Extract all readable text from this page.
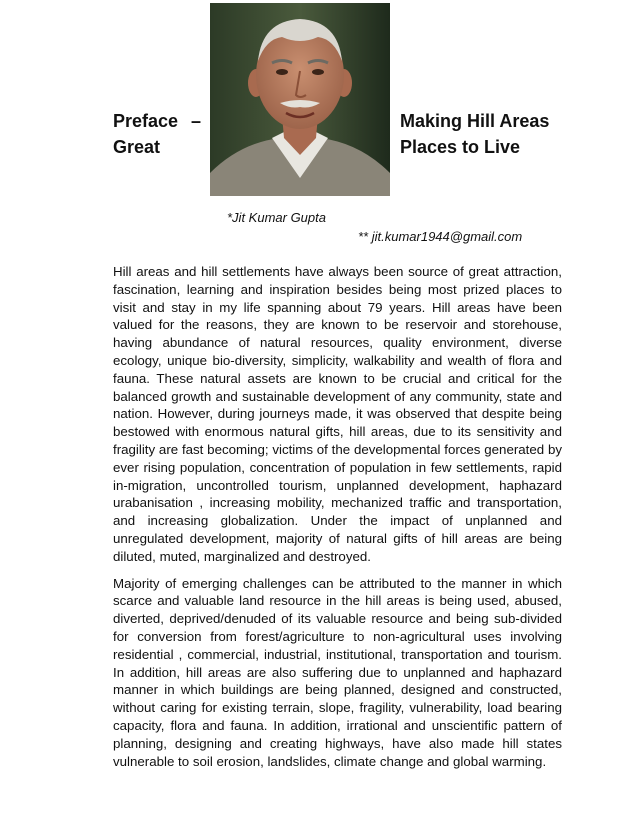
Preface –
Great
Making Hill Areas
Places to Live
*Jit Kumar Gupta
** jit.kumar1944@gmail.com

Hill areas and hill settlements have always been source of great attraction, fascination, learning and inspiration besides being most prized places to visit and stay in my life spanning about 79 years. Hill areas have been valued for the reasons, they are known to be reservoir and storehouse, having abundance of natural resources, quality environment, diverse ecology, unique bio-diversity, simplicity, walkability and wealth of flora and fauna. These natural assets are known to be crucial and critical for the balanced growth and sustainable development of any community, state and nation. However, during journeys made, it was observed that despite being bestowed with enormous natural gifts, hill areas, due to its sensitivity and fragility are fast becoming; victims of the developmental forces generated by ever rising population, concentration of population in few settlements, rapid in-migration, uncontrolled tourism, unplanned development, haphazard urabanisation , increasing mobility, mechanized traffic and transportation, and increasing globalization. Under the impact of unplanned and unregulated development, majority of natural gifts of hill areas are being diluted, muted, marginalized and destroyed.

Majority of emerging challenges can be attributed to the manner in which scarce and valuable land resource in the hill areas is being used, abused, diverted, deprived/denuded of its valuable resource and being sub-divided for conversion from forest/agriculture to non-agricultural uses involving residential , commercial, industrial, institutional, transportation and tourism. In addition, hill areas are also suffering due to unplanned and haphazard manner in which buildings are being planned, designed and constructed, without caring for existing terrain, slope, fragility, vulnerability, load bearing capacity, flora and fauna. In addition, irrational and unscientific pattern of planning, designing and creating highways, have also made hill states vulnerable to soil erosion, landslides, climate change and global warming.
